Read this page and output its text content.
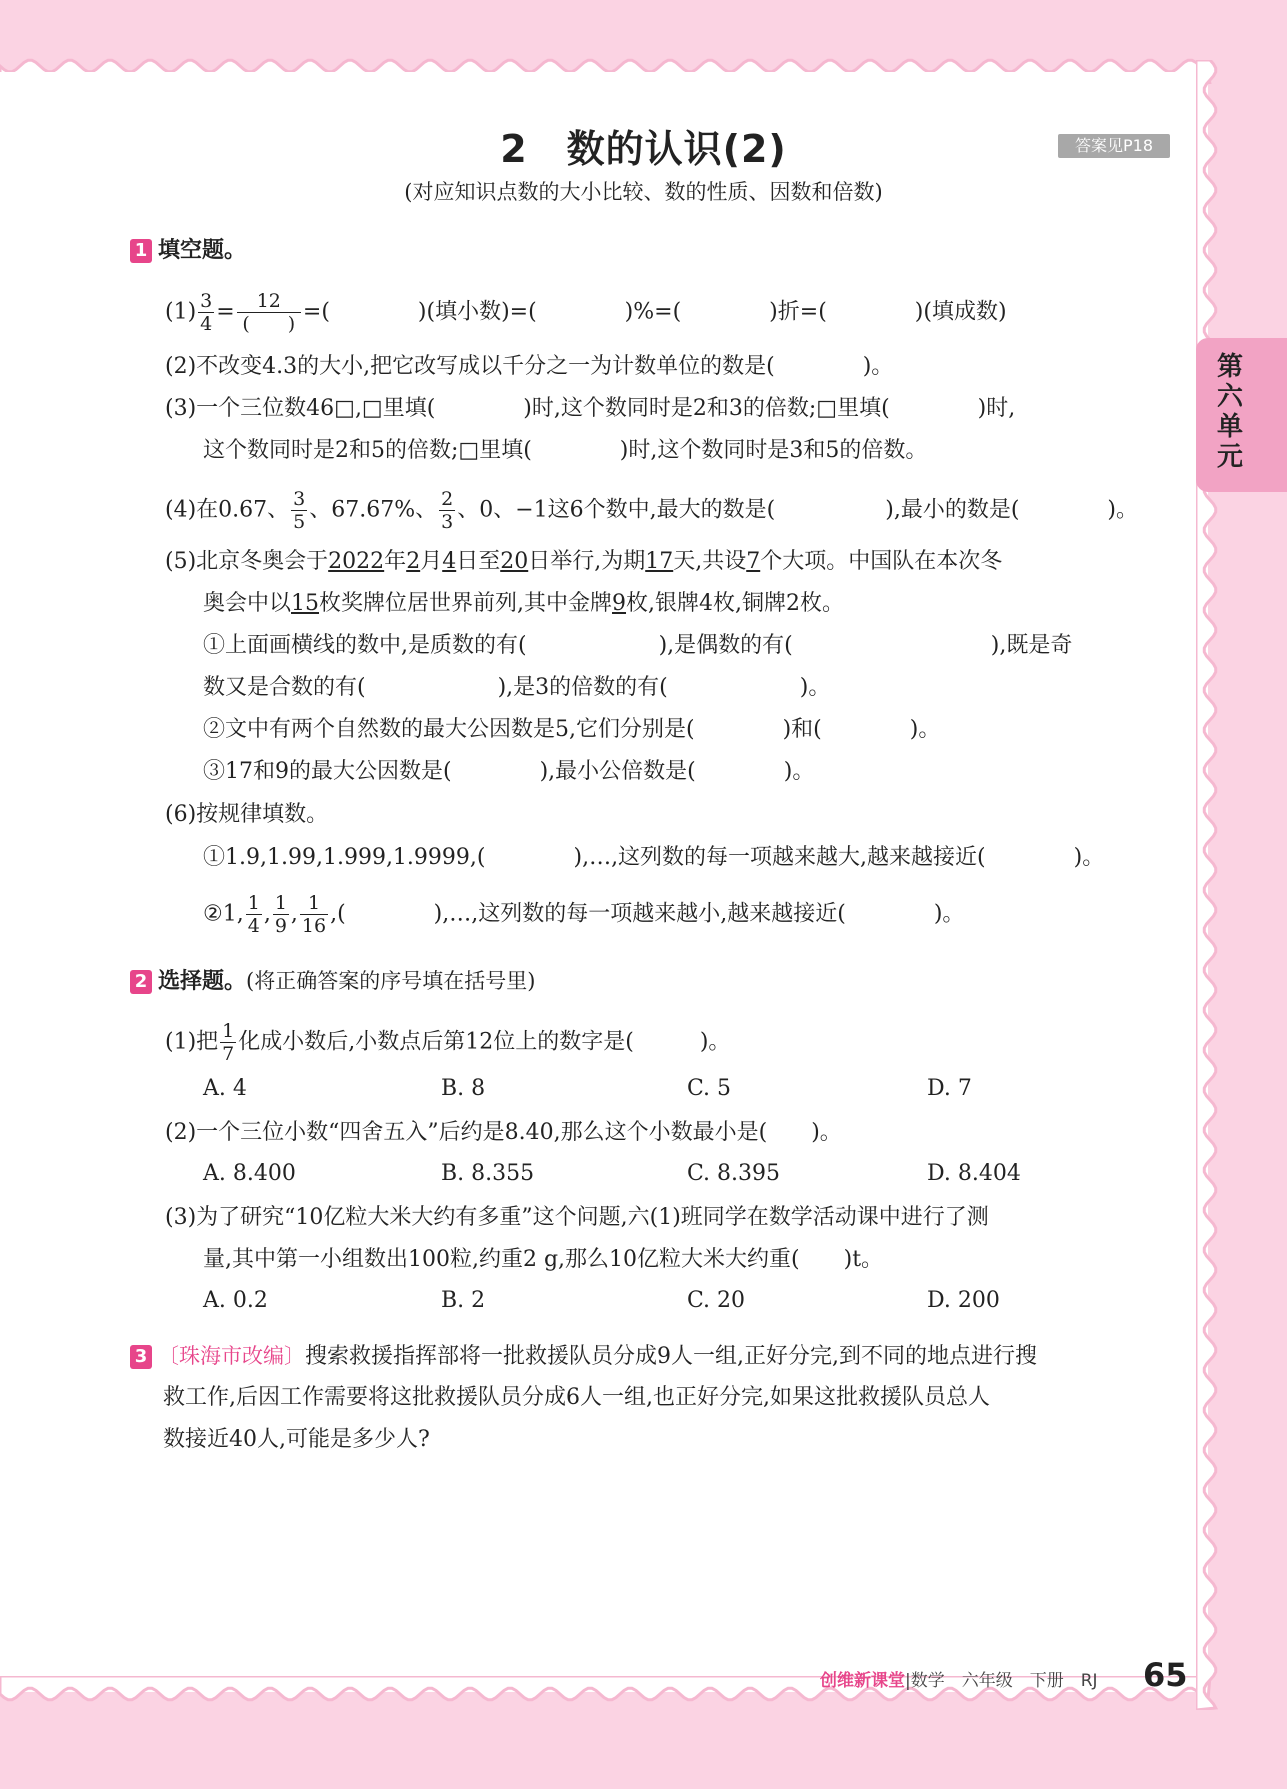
2　数的认识(2)
(对应知识点数的大小比较、数的性质、因数和倍数)
答案见P18
第六单元
1 填空题。
$(1) \frac{3}{4} = \frac{12}{( )}$ =(　　　　)(填小数)=(　　　　)%=(　　　　)折=(　　　　)(填成数)
(2)不改变4.3的大小,把它改写成以千分之一为计数单位的数是(　　　　)。
(3)一个三位数46□,□里填(　　　　)时,这个数同时是2和3的倍数;□里填(　　　　)时,
这个数同时是2和5的倍数;□里填(　　　　)时,这个数同时是3和5的倍数。
(4)在0.67、 $\frac{3}{5}$ 、67.67%、 $\frac{2}{3}$ 、0、−1这6个数中,最大的数是(　　　　　),最小的数是(　　　　)。
(5)北京冬奥会于2022年2月4日至20日举行,为期17天,共设7个大项。中国队在本次冬
奥会中以15枚奖牌位居世界前列,其中金牌9枚,银牌4枚,铜牌2枚。
①上面画横线的数中,是质数的有(　　　　　　),是偶数的有(　　　　　　　　　),既是奇
数又是合数的有(　　　　　　),是3的倍数的有(　　　　　　)。
②文中有两个自然数的最大公因数是5,它们分别是(　　　　)和(　　　　)。
③17和9的最大公因数是(　　　　),最小公倍数是(　　　　)。
(6)按规律填数。
①1.9,1.99,1.999,1.9999,(　　　　),…,这列数的每一项越来越大,越来越接近(　　　　)。
②1, $\frac{1}{4}$ , $\frac{1}{9}$ , $\frac{1}{16}$ ,(　　　　),…,这列数的每一项越来越小,越来越接近(　　　　)。
2 选择题。(将正确答案的序号填在括号里)
(1)把 $\frac{1}{7}$ 化成小数后,小数点后第12位上的数字是(　　　)。
A. 4	B. 8	C. 5	D. 7
(2)一个三位小数“四舍五入”后约是8.40,那么这个小数最小是(　　)。
A. 8.400	B. 8.355	C. 8.395	D. 8.404
(3)为了研究“10亿粒大米大约有多重”这个问题,六(1)班同学在数学活动课中进行了测
量,其中第一小组数出100粒,约重2 g,那么10亿粒大米大约重(　　)t。
A. 0.2	B. 2	C. 20	D. 200
3 〔珠海市改编〕搜索救援指挥部将一批救援队员分成9人一组,正好分完,到不同的地点进行搜
救工作,后因工作需要将这批救援队员分成6人一组,也正好分完,如果这批救援队员总人
数接近40人,可能是多少人?
创维新课堂|数学　六年级　下册　RJ 65
